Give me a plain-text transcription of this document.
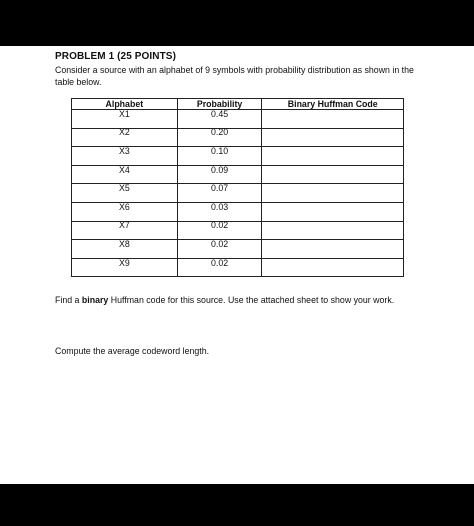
PROBLEM 1 (25 POINTS)
Consider a source with an alphabet of 9 symbols with probability distribution as shown in the table below.
Alphabet	Probability	Binary Huffman Code

X1	0.45	

X2	0.20	

X3	0.10	

X4	0.09	

X5	0.07	

X6	0.03	

X7	0.02	

X8	0.02	

X9	0.02	

Find a binary Huffman code for this source. Use the attached sheet to show your work.
Compute the average codeword length.
